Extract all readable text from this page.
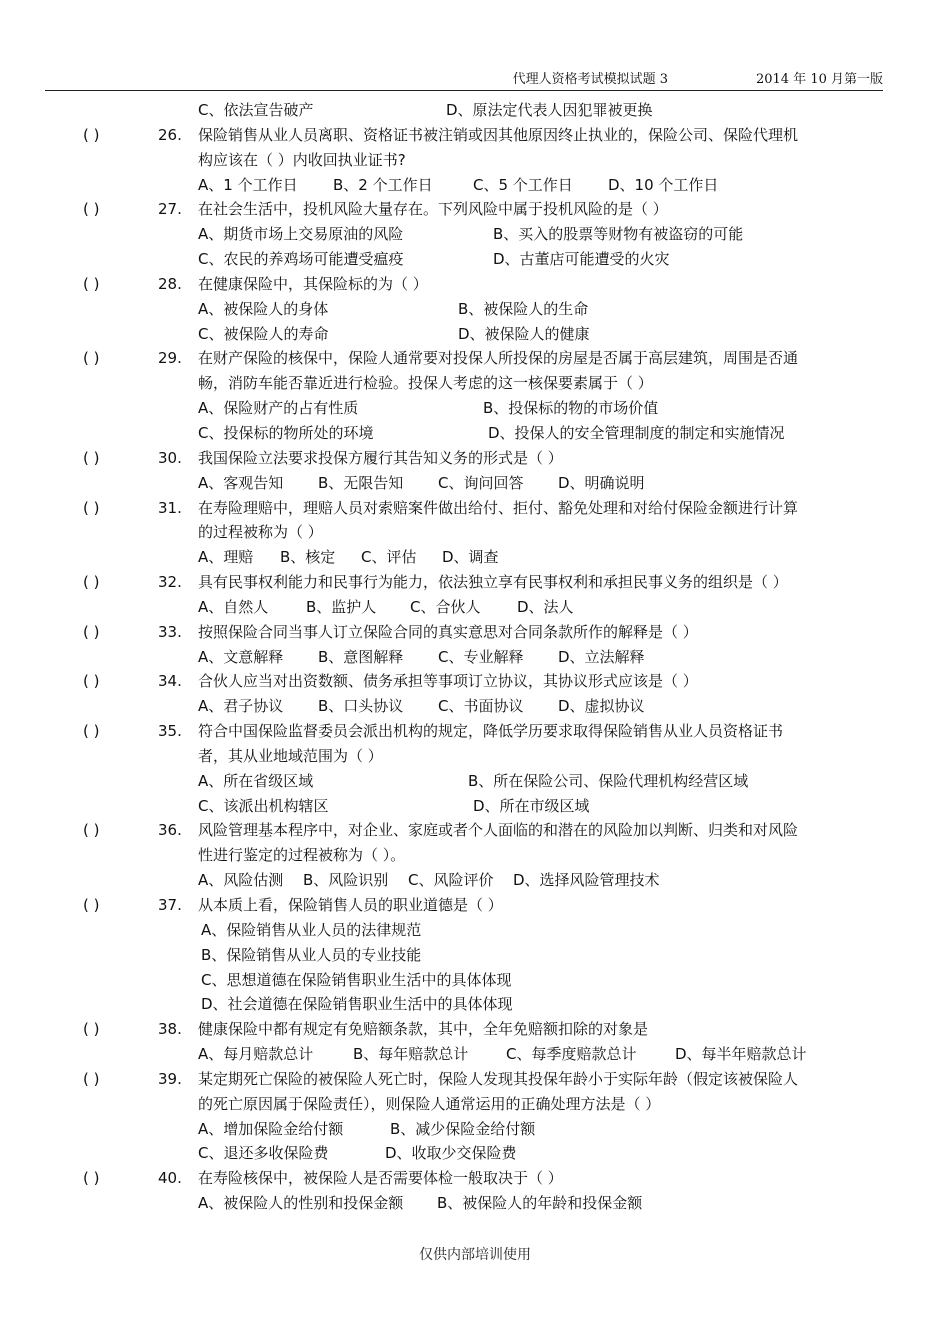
代理人资格考试模拟试题 3	2014 年 10 月第一版
C、依法宣告破产	D、原法定代表人因犯罪被更换
( )	26. 保险销售从业人员离职、资格证书被注销或因其他原因终止执业的，保险公司、保险代理机
构应该在（ ）内收回执业证书?
A、1 个工作日 B、2 个工作日	C、5 个工作日 D、10 个工作日
( )	27. 在社会生活中，投机风险大量存在。下列风险中属于投机风险的是（ ）
A、期货市场上交易原油的风险	B、买入的股票等财物有被盗窃的可能
C、农民的养鸡场可能遭受瘟疫	D、古董店可能遭受的火灾
( )	28. 在健康保险中，其保险标的为（ ）
A、被保险人的身体	B、被保险人的生命
C、被保险人的寿命	D、被保险人的健康
( )	29. 在财产保险的核保中，保险人通常要对投保人所投保的房屋是否属于高层建筑，周围是否通
畅，消防车能否靠近进行检验。投保人考虑的这一核保要素属于（ ）
A、保险财产的占有性质	B、投保标的物的市场价值
C、投保标的物所处的环境	D、投保人的安全管理制度的制定和实施情况
( )	30. 我国保险立法要求投保方履行其告知义务的形式是（ ）
A、客观告知 B、无限告知 C、询问回答 D、明确说明
( )	31. 在寿险理赔中，理赔人员对索赔案件做出给付、拒付、豁免处理和对给付保险金额进行计算
的过程被称为（ ）
A、理赔 B、核定 C、评估 D、调查
( )	32. 具有民事权利能力和民事行为能力，依法独立享有民事权利和承担民事义务的组织是（ ）
A、自然人	B、监护人 C、合伙人 D、法人
( )	33. 按照保险合同当事人订立保险合同的真实意思对合同条款所作的解释是（ ）
A、文意解释 B、意图解释 C、专业解释 D、立法解释
( )	34. 合伙人应当对出资数额、债务承担等事项订立协议，其协议形式应该是（ ）
A、君子协议 B、口头协议 C、书面协议 D、虚拟协议
( )	35. 符合中国保险监督委员会派出机构的规定，降低学历要求取得保险销售从业人员资格证书
者，其从业地域范围为（ ）
A、所在省级区域	B、所在保险公司、保险代理机构经营区域
C、该派出机构辖区	D、所在市级区域
( )	36. 风险管理基本程序中，对企业、家庭或者个人面临的和潜在的风险加以判断、归类和对风险
性进行鉴定的过程被称为（ ）。
A、风险估测 B、风险识别 C、风险评价 D、选择风险管理技术
( )	37. 从本质上看，保险销售人员的职业道德是（ ）
A、保险销售从业人员的法律规范
B、保险销售从业人员的专业技能
C、思想道德在保险销售职业生活中的具体体现
D、社会道德在保险销售职业生活中的具体体现
( )	38. 健康保险中都有规定有免赔额条款，其中，全年免赔额扣除的对象是
A、每月赔款总计	B、每年赔款总计	C、每季度赔款总计	D、每半年赔款总计
( )	39. 某定期死亡保险的被保险人死亡时，保险人发现其投保年龄小于实际年龄（假定该被保险人
的死亡原因属于保险责任），则保险人通常运用的正确处理方法是（ ）
A、增加保险金给付额	B、减少保险金给付额
C、退还多收保险费	D、收取少交保险费
( )	40. 在寿险核保中，被保险人是否需要体检一般取决于（ ）
A、被保险人的性别和投保金额 B、被保险人的年龄和投保金额
仅供内部培训使用
